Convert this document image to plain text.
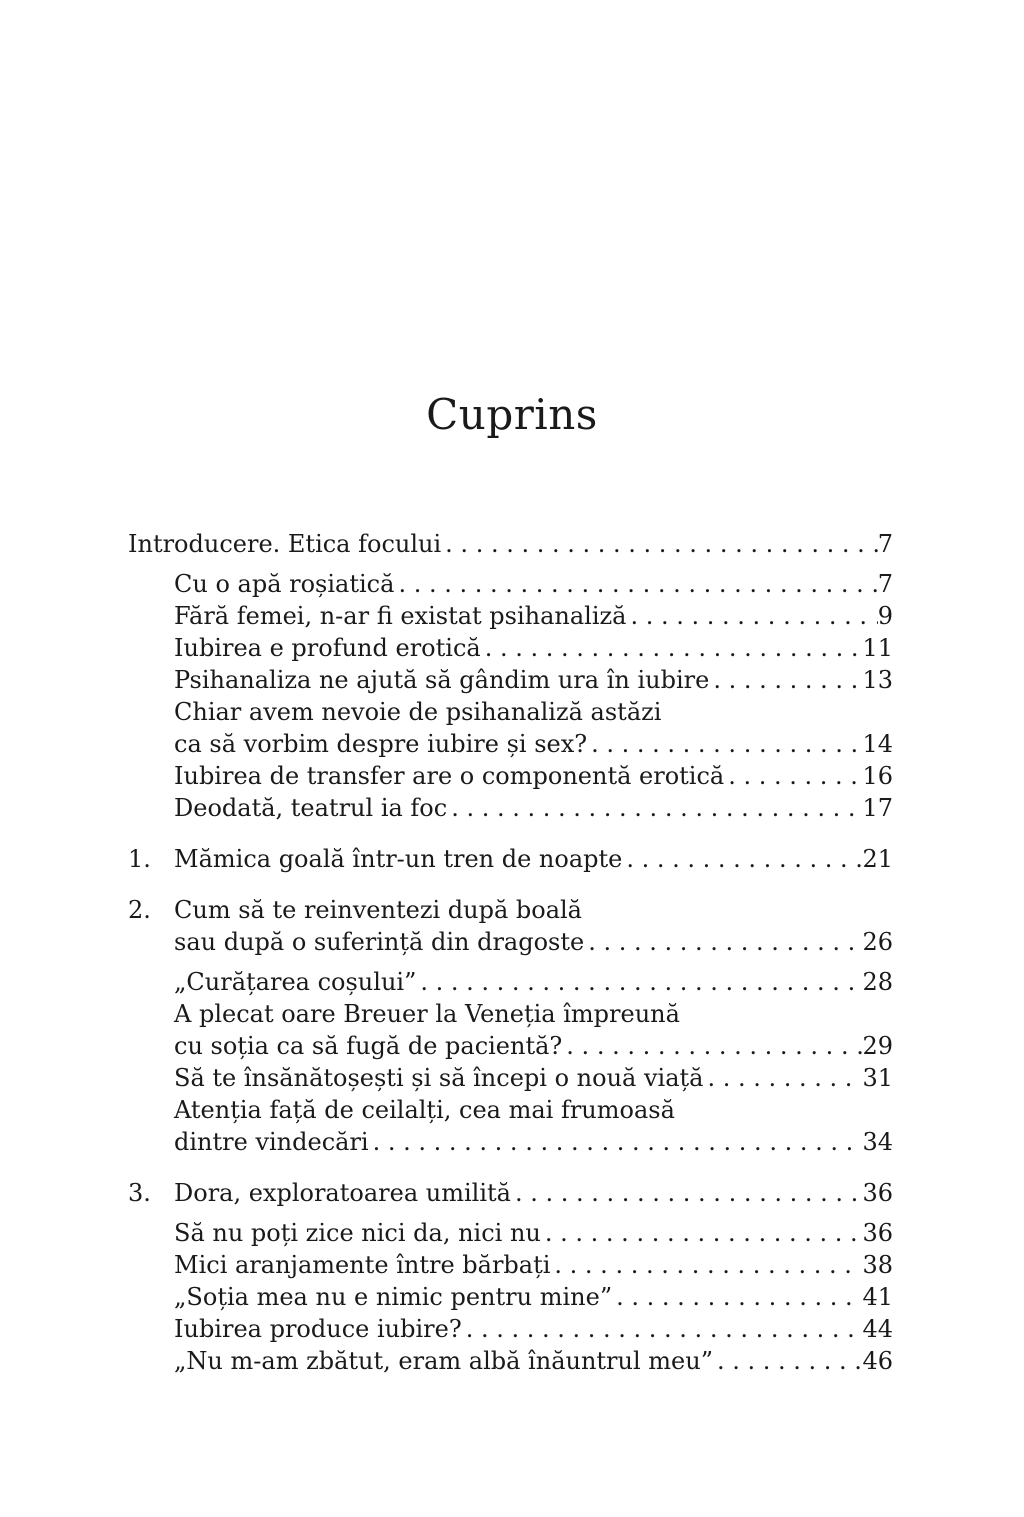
Cuprins
Introducere. Etica focului . . .	7
Cu o apă roșiatică . . .	7
Fără femei, n-ar fi existat psihanaliză . . .	9
Iubirea e profund erotică . . .	11
Psihanaliza ne ajută să gândim ura în iubire . . .	13
Chiar avem nevoie de psihanaliză astăzi
ca să vorbim despre iubire și sex? . . .	14
Iubirea de transfer are o componentă erotică . . .	16
Deodată, teatrul ia foc . . .	17
1. Mămica goală într-un tren de noapte . . .	21
2. Cum să te reinventezi după boală
sau după o suferință din dragoste . . .	26
„Curățarea coșului” . . .	28
A plecat oare Breuer la Veneția împreună
cu soția ca să fugă de pacientă? . . .	29
Să te însănătoșești și să începi o nouă viață . . .	31
Atenția față de ceilalți, cea mai frumoasă
dintre vindecări . . .	34
3. Dora, exploratoarea umilită . . .	36
Să nu poți zice nici da, nici nu . . .	36
Mici aranjamente între bărbați . . .	38
„Soția mea nu e nimic pentru mine” . . .	41
Iubirea produce iubire? . . .	44
„Nu m-am zbătut, eram albă înăuntrul meu” . . .	46
